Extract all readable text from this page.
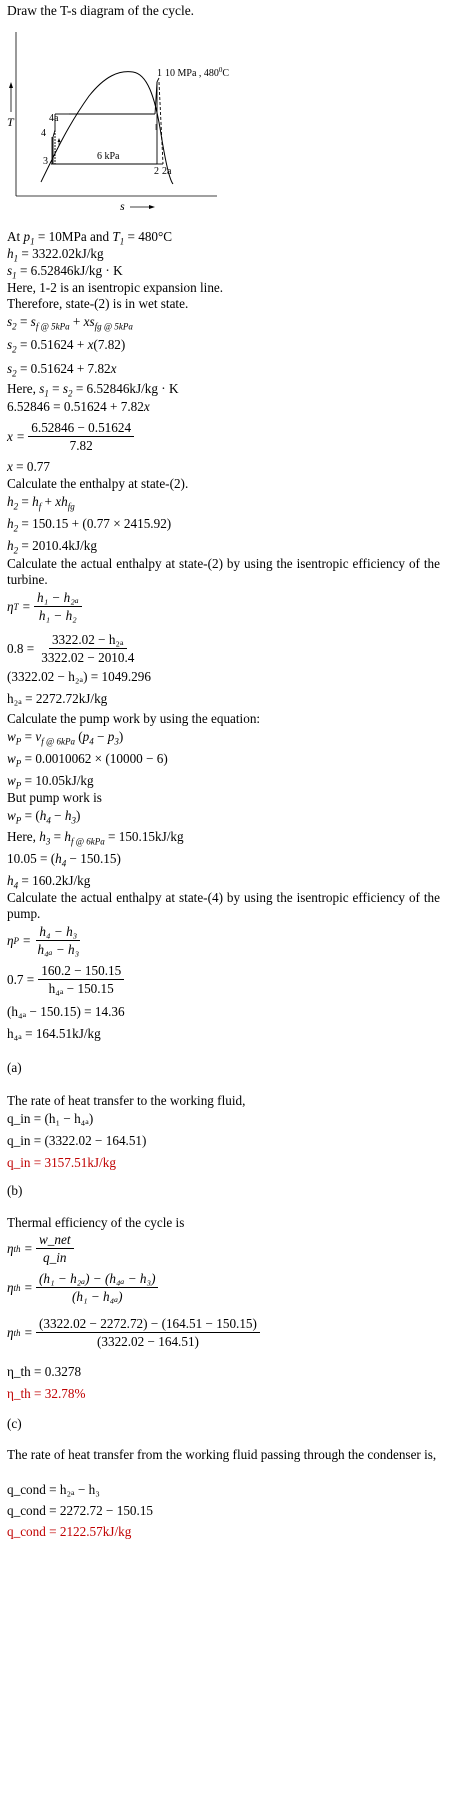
Draw the T-s diagram of the cycle.
T
s
1 10 MPa , $480^0C$
4a
4
3	6 kPa
2 2a
At $p_1 = 10MPa$ and $T_1 = 480^\circ C$
$h_1 = 3322.02kJ/kg$
$s_1 = 6.52846kJ/kg \cdot K$
Here, 1-2 is an isentropic expansion line.
Therefore, state-(2) is in wet state.
$s_2 = s_{f @ 5kPa} + xs_{fg @ 5kPa}$
$s_2 = 0.51624 + x(7.82)$
$s_2 = 0.51624 + 7.82x$
Here, $s_1 = s_2 = 6.52846kJ/kg \cdot K$
6.52846 = 0.51624 + 7.82x
$x = \frac{6.52846 - 0.51624}{7.82}$
x = 0.77
Calculate the enthalpy at state-(2).
$h_2 = h_f + xh_{fg}$
$h_2 = 150.15 + (0.77 \times 2415.92)$
$h_2 = 2010.4kJ/kg$
Calculate the actual enthalpy at state-(2) by using the isentropic efficiency of the turbine.
η $T = \frac{\text{h₁ − h₂ₐ}}{\text{h₁ − h₂}}$
$0.8 = \frac{\text{3322.02 − h₂ₐ}}{3322.02 - 2010.4}$
(3322.02 − h₂ₐ) = 1049.296
h₂ₐ = 2272.72kJ/kg
Calculate the pump work by using the equation:
$w_P = v_{f @ 6kPa}$ $(p_4 - p_3)$
$w_P = 0.0010062 \times (10000 - 6)$
$w_P = 10.05kJ/kg$
But pump work is
$w_P = (h_4 - h_3)$
Here, $h_3 = h_{f @ 6kPa} = 150.15kJ/kg$
$10.05 = (h_4 - 150.15)$
$h_4 = 160.2kJ/kg$
Calculate the actual enthalpy at state-(4) by using the isentropic efficiency of the pump.
η $P = \frac{\text{h₄ − h₃}}{\text{h₄ₐ − h₃}}$
$0.7 = \frac{160.2 - 150.15}{\text{h₄ₐ − 150.15}}$
(h₄ₐ − 150.15) = 14.36
h₄ₐ = 164.51kJ/kg
(a)
The rate of heat transfer to the working fluid,
q_in = (h₁ − h₄ₐ)
q_in = (3322.02 − 164.51)
q_in = 3157.51kJ/kg
(b)
Thermal efficiency of the cycle is
η th = $\frac{\text{w\_net}}{q\_in}$
η th = $\frac{\text{(h₁ − h₂ₐ) − (h₄ₐ − h₃)}}{\text{(h₁ − h₄ₐ)}}$
η th = $\frac{(3322.02 - 2272.72) - (164.51 - 150.15)}{(3322.02 - 164.51)}$
η_th = 0.3278
η_th = 32.78%
(c)
The rate of heat transfer from the working fluid passing through the condenser is,
q_cond = h₂ₐ − h₃
q_cond = 2272.72 − 150.15
q_cond = 2122.57kJ/kg
